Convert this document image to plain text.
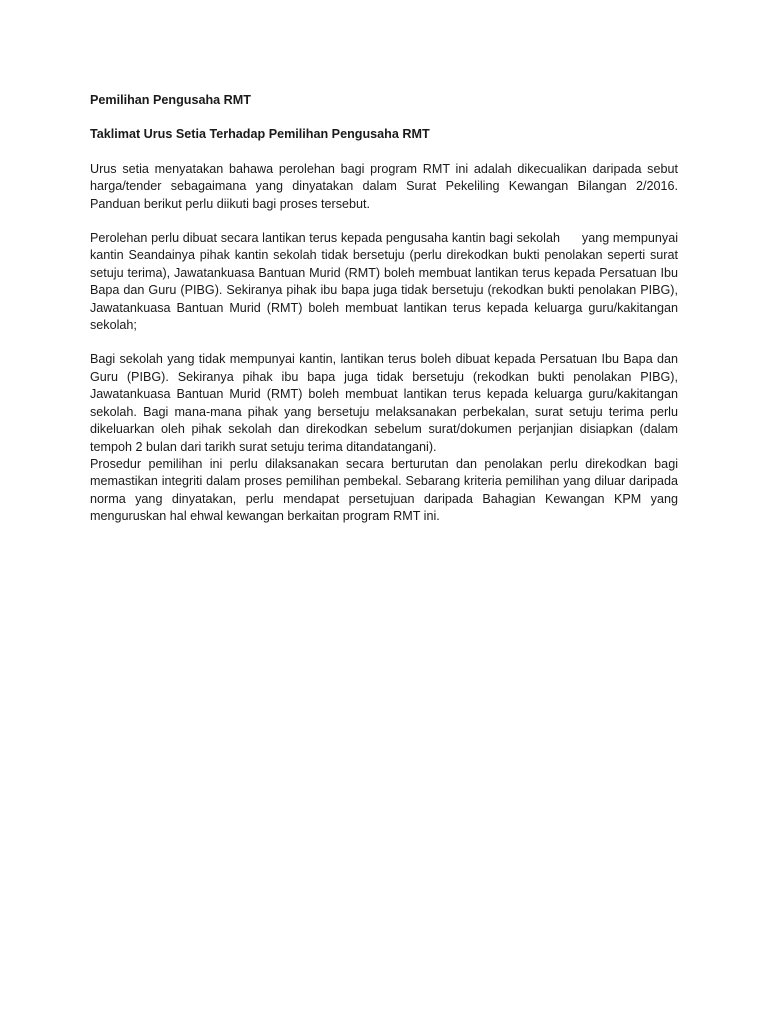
Pemilihan Pengusaha RMT

Taklimat Urus Setia Terhadap Pemilihan Pengusaha RMT

Urus setia menyatakan bahawa perolehan bagi program RMT ini adalah dikecualikan daripada sebut harga/tender sebagaimana yang dinyatakan dalam Surat Pekeliling Kewangan Bilangan 2/2016. Panduan berikut perlu diikuti bagi proses tersebut.

Perolehan perlu dibuat secara lantikan terus kepada pengusaha kantin bagi sekolah      yang mempunyai kantin Seandainya pihak kantin sekolah tidak bersetuju (perlu direkodkan bukti penolakan seperti surat setuju terima), Jawatankuasa Bantuan Murid (RMT) boleh membuat lantikan terus kepada Persatuan Ibu Bapa dan Guru (PIBG). Sekiranya pihak ibu bapa juga tidak bersetuju (rekodkan bukti penolakan PIBG), Jawatankuasa Bantuan Murid (RMT) boleh membuat lantikan terus kepada keluarga guru/kakitangan sekolah;

Bagi sekolah yang tidak mempunyai kantin, lantikan terus boleh dibuat kepada Persatuan Ibu Bapa dan Guru (PIBG). Sekiranya pihak ibu bapa juga tidak bersetuju (rekodkan bukti penolakan PIBG), Jawatankuasa Bantuan Murid (RMT) boleh membuat lantikan terus kepada keluarga guru/kakitangan sekolah. Bagi mana-mana pihak yang bersetuju melaksanakan perbekalan, surat setuju terima perlu dikeluarkan oleh pihak sekolah dan direkodkan sebelum surat/dokumen perjanjian disiapkan (dalam tempoh 2 bulan dari tarikh surat setuju terima ditandatangani).

Prosedur pemilihan ini perlu dilaksanakan secara berturutan dan penolakan perlu direkodkan bagi memastikan integriti dalam proses pemilihan pembekal. Sebarang kriteria pemilihan yang diluar daripada norma yang dinyatakan, perlu mendapat persetujuan daripada Bahagian Kewangan KPM yang menguruskan hal ehwal kewangan berkaitan program RMT ini.
